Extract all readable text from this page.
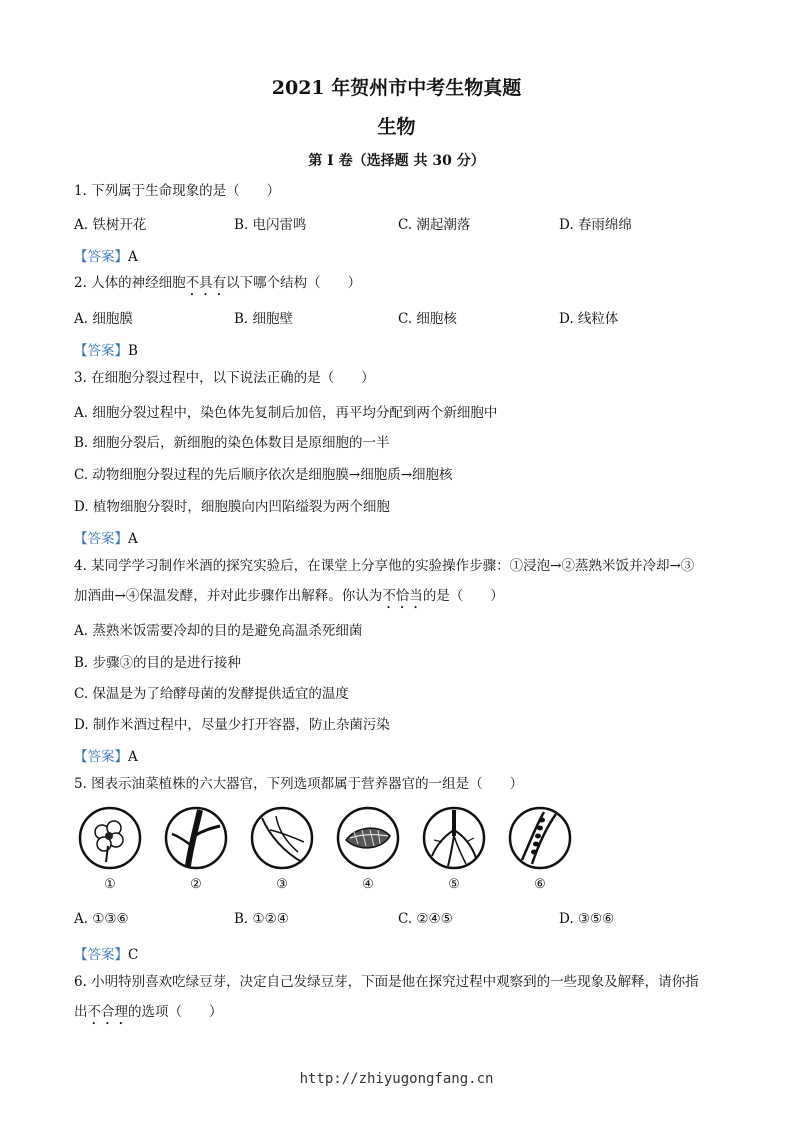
2021 年贺州市中考生物真题
生物
第 I 卷（选择题 共 30 分）
1. 下列属于生命现象的是（　　）
A. 铁树开花	B. 电闪雷鸣	C. 潮起潮落	D. 春雨绵绵
【答案】A
2. 人体的神经细胞不具有以下哪个结构（　　）
A. 细胞膜	B. 细胞壁	C. 细胞核	D. 线粒体
【答案】B
3. 在细胞分裂过程中，以下说法正确的是（　　）
A. 细胞分裂过程中，染色体先复制后加倍，再平均分配到两个新细胞中
B. 细胞分裂后，新细胞的染色体数目是原细胞的一半
C. 动物细胞分裂过程的先后顺序依次是细胞膜→细胞质→细胞核
D. 植物细胞分裂时，细胞膜向内凹陷缢裂为两个细胞
【答案】A
4. 某同学学习制作米酒的探究实验后，在课堂上分享他的实验操作步骤：①浸泡→②蒸熟米饭并冷却→③
加酒曲→④保温发酵，并对此步骤作出解释。你认为不恰当的是（　　）
A. 蒸熟米饭需要冷却的目的是避免高温杀死细菌
B. 步骤③的目的是进行接种
C. 保温是为了给酵母菌的发酵提供适宜的温度
D. 制作米酒过程中，尽量少打开容器，防止杂菌污染
【答案】A
5. 图表示油菜植株的六大器官，下列选项都属于营养器官的一组是（　　）
①	②	③	④	⑤	⑥
A. ①③⑥	B. ①②④	C. ②④⑤	D. ③⑤⑥
【答案】C
6. 小明特别喜欢吃绿豆芽，决定自己发绿豆芽，下面是他在探究过程中观察到的一些现象及解释，请你指
出不合理的选项（　　）
http://zhiyugongfang.cn
